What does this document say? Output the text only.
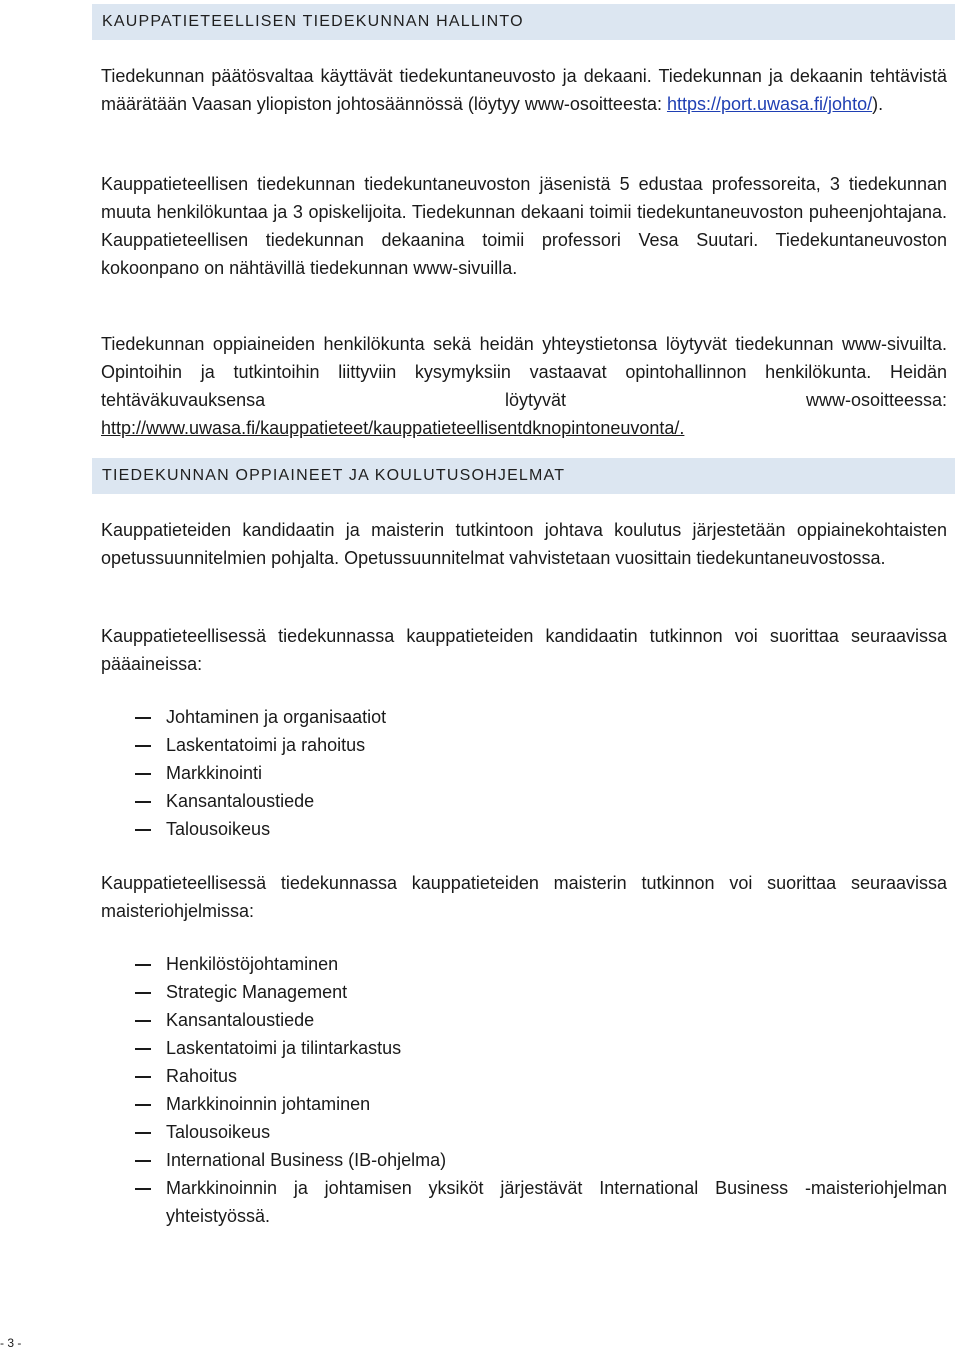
KAUPPATIETEELLISEN TIEDEKUNNAN HALLINTO

Tiedekunnan päätösvaltaa käyttävät tiedekuntaneuvosto ja dekaani. Tiedekunnan ja dekaanin tehtävistä määrätään Vaasan yliopiston johtosäännössä (löytyy www-osoitteesta: https://port.uwasa.fi/johto/).

Kauppatieteellisen tiedekunnan tiedekuntaneuvoston jäsenistä 5 edustaa professoreita, 3 tiedekunnan muuta henkilökuntaa ja 3 opiskelijoita. Tiedekunnan dekaani toimii tiedekuntaneuvoston puheenjohtajana. Kauppatieteellisen tiedekunnan dekaanina toimii professori Vesa Suutari. Tiedekuntaneuvoston kokoonpano on nähtävillä tiedekunnan www-sivuilla.

Tiedekunnan oppiaineiden henkilökunta sekä heidän yhteystietonsa löytyvät tiedekunnan www-sivuilta. Opintoihin ja tutkintoihin liittyviin kysymyksiin vastaavat opintohallinnon henkilökunta. Heidän tehtäväkuvauksensa löytyvät www-osoitteessa: http://www.uwasa.fi/kauppatieteet/kauppatieteellisentdknopintoneuvonta/.

TIEDEKUNNAN OPPIAINEET JA KOULUTUSOHJELMAT

Kauppatieteiden kandidaatin ja maisterin tutkintoon johtava koulutus järjestetään oppiainekohtaisten opetussuunnitelmien pohjalta. Opetussuunnitelmat vahvistetaan vuosittain tiedekuntaneuvostossa.

Kauppatieteellisessä tiedekunnassa kauppatieteiden kandidaatin tutkinnon voi suorittaa seuraavissa pääaineissa:

Johtaminen ja organisaatiot
Laskentatoimi ja rahoitus
Markkinointi
Kansantaloustiede
Talousoikeus

Kauppatieteellisessä tiedekunnassa kauppatieteiden maisterin tutkinnon voi suorittaa seuraavissa maisteriohjelmissa:

Henkilöstöjohtaminen
Strategic Management
Kansantaloustiede
Laskentatoimi ja tilintarkastus
Rahoitus
Markkinoinnin johtaminen
Talousoikeus
International Business (IB-ohjelma)
Markkinoinnin ja johtamisen yksiköt järjestävät International Business -maisteriohjelman yhteistyössä.
- 3 -
